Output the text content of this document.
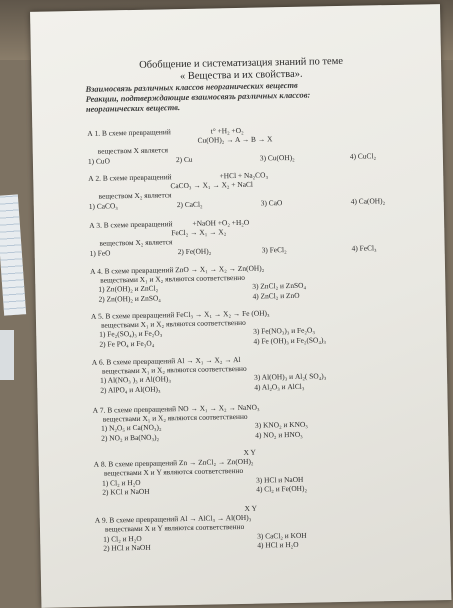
Обобщение и систематизация знаний по теме
« Вещества и их свойства».
Взаимосвязь различных классов неорганических веществ
Реакции, подтверждающие взаимосвязь различных классов:
неорганических веществ.
А 1. В схеме превращений	t° +H₂ +O₂
Cu(OH)₂ → A → B → X
веществом X является
1) CuO	2) Cu	3) Cu(OH)₂	4) CuCl₂
А 2. В схеме превращений	+HCl + Na₂CO₃
CaCO₃ → X₁ → X₂ + NaCl
веществом X₂ является
1) CaCO₃	2) CaCl₂	3) CaO	4) Ca(OH)₂
А 3. В схеме превращений	+NaOH +O₂ +H₂O
FeCl₂ → X₁ → X₂
веществом X₂ является
1) FeO	2) Fe(OH)₂	3) FeCl₂	4) FeCl₃
А 4. В схеме превращений ZnO → X₁ → X₂ → Zn(OH)₂
веществами X₁ и X₂ являются соответственно
1) Zn(OH)₂ и ZnCl₂	3) ZnCl₂ и ZnSO₄
2) Zn(OH)₂ и ZnSO₄	4) ZnCl₂ и ZnO
А 5. В схеме превращений FeCl₃ → X₁ → X₂ → Fe (OH)₃
веществами X₁ и X₂ являются соответственно
1) Fe₂(SO₄)₃ и Fe₂O₃	3) Fe(NO₃)₃ и Fe₂O₃
2) Fe PO₄ и Fe₃O₄	4) Fe (OH)₃ и Fe₂(SO₄)₃
А 6. В схеме превращений Al → X₁ → X₂ → Al
веществами X₁ и X₂ являются соответственно
1) Al(NO₃ )₃ и Al(OH)₃	3) Al(OH)₃ и Al₂( SO₄)₃
2) AlPO₄ и Al(OH)₃	4) Al₂O₃ и AlCl₃
А 7. В схеме превращений NO → X₁ → X₂ → NaNO₃
веществами X₁ и X₂ являются соответственно
1) N₂O₅ и Ca(NO₃)₂	3) KNO₂ и KNO₃
2) NO₂ и Ba(NO₃)₂	4) NO₂ и HNO₃
X Y
А 8. В схеме превращений Zn → ZnCl₂ → Zn(OH)₂
веществами X и Y являются соответственно
1) Cl₂ и H₂O	3) HCl и NaOH
2) KCl и NaOH	4) Cl₂ и Fe(OH)₂
X Y
А 9. В схеме превращений Al → AlCl₃ → Al(OH)₃
веществами X и Y являются соответственно
1) Cl₂ и H₂O	3) CaCl₂ и KOH
2) HCl и NaOH	4) HCl и H₂O
